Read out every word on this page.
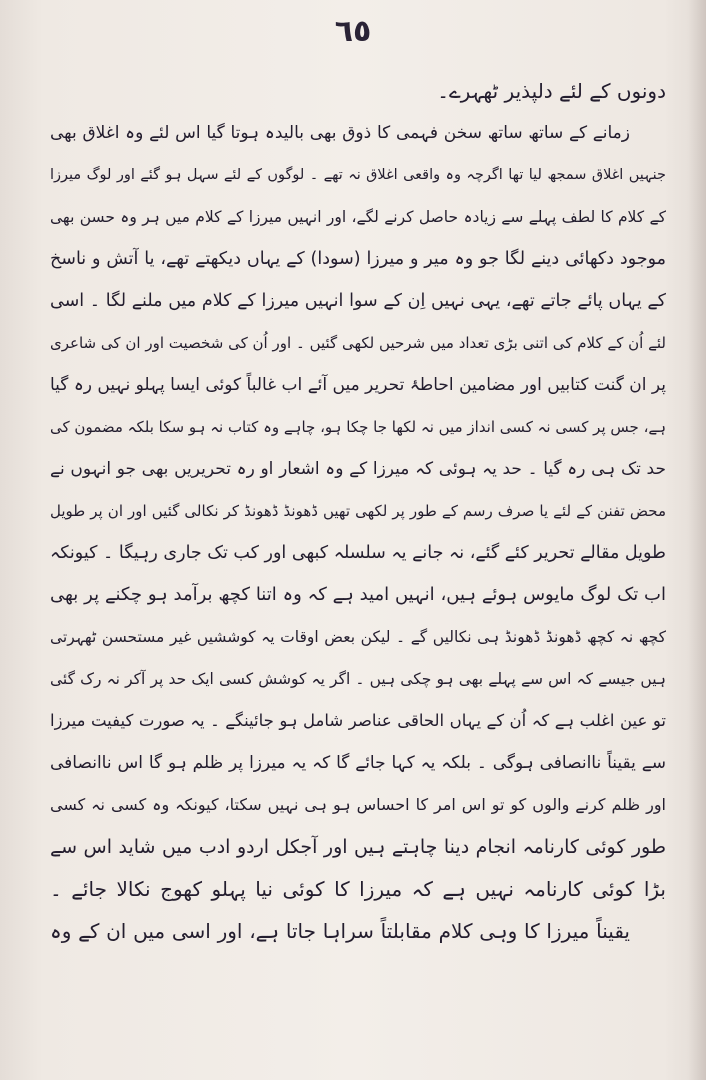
٦٥
دونوں کے لئے دلپذیر ٹھہرے۔
زمانے کے ساتھ ساتھ سخن فہمی کا ذوق بھی بالیدہ ہوتا گیا اس لئے وہ اغلاق بھی
جنہیں اغلاق سمجھ لیا تھا اگرچہ وہ واقعی اغلاق نہ تھے ۔ لوگوں کے لئے سہل ہو گئے اور لوگ میرزا
کے کلام کا لطف پہلے سے زیادہ حاصل کرنے لگے، اور انہیں میرزا کے کلام میں ہر وہ حسن بھی
موجود دکھائی دینے لگا جو وہ میر و میرزا (سودا) کے یہاں دیکھتے تھے، یا آتش و ناسخ
کے یہاں پائے جاتے تھے، یہی نہیں اِن کے سوا انہیں میرزا کے کلام میں ملنے لگا ۔ اسی
لئے اُن کے کلام کی اتنی بڑی تعداد میں شرحیں لکھی گئیں ۔ اور اُن کی شخصیت اور ان کی شاعری
پر ان گنت کتابیں اور مضامین احاطۂ تحریر میں آئے اب غالباً کوئی ایسا پہلو نہیں رہ گیا
ہے، جس پر کسی نہ کسی انداز میں نہ لکھا جا چکا ہو، چاہے وہ کتاب نہ ہو سکا بلکہ مضمون کی
حد تک ہی رہ گیا ۔ حد یہ ہوئی کہ میرزا کے وہ اشعار او رہ تحریریں بھی جو انہوں نے
محض تفنن کے لئے یا صرف رسم کے طور پر لکھی تھیں ڈھونڈ ڈھونڈ کر نکالی گئیں اور ان پر طویل
طویل مقالے تحریر کئے گئے، نہ جانے یہ سلسلہ کبھی اور کب تک جاری رہیگا ۔ کیونکہ
اب تک لوگ مایوس ہوئے ہیں، انہیں امید ہے کہ وہ اتنا کچھ برآمد ہو چکنے پر بھی
کچھ نہ کچھ ڈھونڈ ڈھونڈ ہی نکالیں گے ۔ لیکن بعض اوقات یہ کوششیں غیر مستحسن ٹھہرتی
ہیں جیسے کہ اس سے پہلے بھی ہو چکی ہیں ۔ اگر یہ کوشش کسی ایک حد پر آکر نہ رک گئی
تو عین اغلب ہے کہ اُن کے یہاں الحاقی عناصر شامل ہو جائینگے ۔ یہ صورت کیفیت میرزا
سے یقیناً ناانصافی ہوگی ۔ بلکہ یہ کہا جائے گا کہ یہ میرزا پر ظلم ہو گا اس ناانصافی
اور ظلم کرنے والوں کو تو اس امر کا احساس ہو ہی نہیں سکتا، کیونکہ وہ کسی نہ کسی
طور کوئی کارنامہ انجام دینا چاہتے ہیں اور آجکل اردو ادب میں شاید اس سے
بڑا کوئی کارنامہ نہیں ہے کہ میرزا کا کوئی نیا پہلو کھوج نکالا جائے ۔
یقیناً میرزا کا وہی کلام مقابلتاً سراہا جاتا ہے، اور اسی میں ان کے وہ
